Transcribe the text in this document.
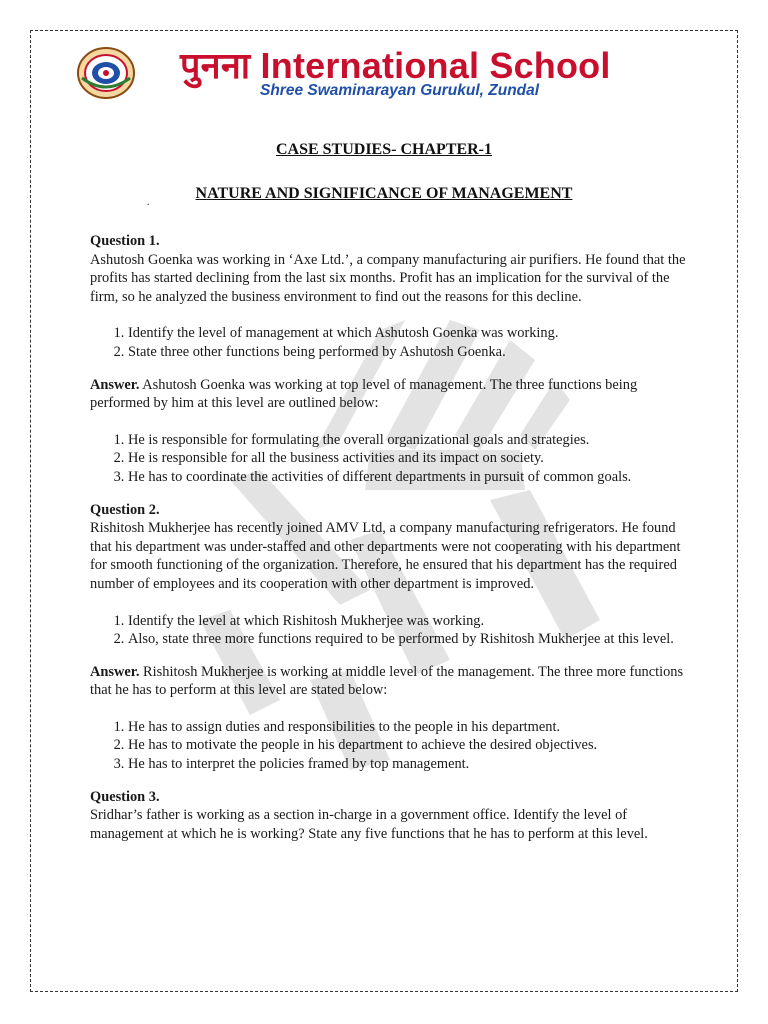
पुनना International School
Shree Swaminarayan Gurukul, Zundal
CASE STUDIES- CHAPTER-1
.
NATURE AND SIGNIFICANCE OF MANAGEMENT

Question 1.

Ashutosh Goenka was working in ‘Axe Ltd.’, a company manufacturing air purifiers. He found that the profits has started declining from the last six months. Profit has an implication for the survival of the firm, so he analyzed the business environment to find out the reasons for this decline.

1. Identify the level of management at which Ashutosh Goenka was working.
2. State three other functions being performed by Ashutosh Goenka.

Answer. Ashutosh Goenka was working at top level of management. The three functions being performed by him at this level are outlined below:

1. He is responsible for formulating the overall organizational goals and strategies.
2. He is responsible for all the business activities and its impact on society.
3. He has to coordinate the activities of different departments in pursuit of common goals.

Question 2.

Rishitosh Mukherjee has recently joined AMV Ltd, a company manufacturing refrigerators. He found that his department was under-staffed and other departments were not cooperating with his department for smooth functioning of the organization. Therefore, he ensured that his department has the required number of employees and its cooperation with other department is improved.

1. Identify the level at which Rishitosh Mukherjee was working.
2. Also, state three more functions required to be performed by Rishitosh Mukherjee at this level.

Answer. Rishitosh Mukherjee is working at middle level of the management. The three more functions that he has to perform at this level are stated below:

1. He has to assign duties and responsibilities to the people in his department.
2. He has to motivate the people in his department to achieve the desired objectives.
3. He has to interpret the policies framed by top management.

Question 3.

Sridhar’s father is working as a section in-charge in a government office. Identify the level of management at which he is working? State any five functions that he has to perform at this level.
